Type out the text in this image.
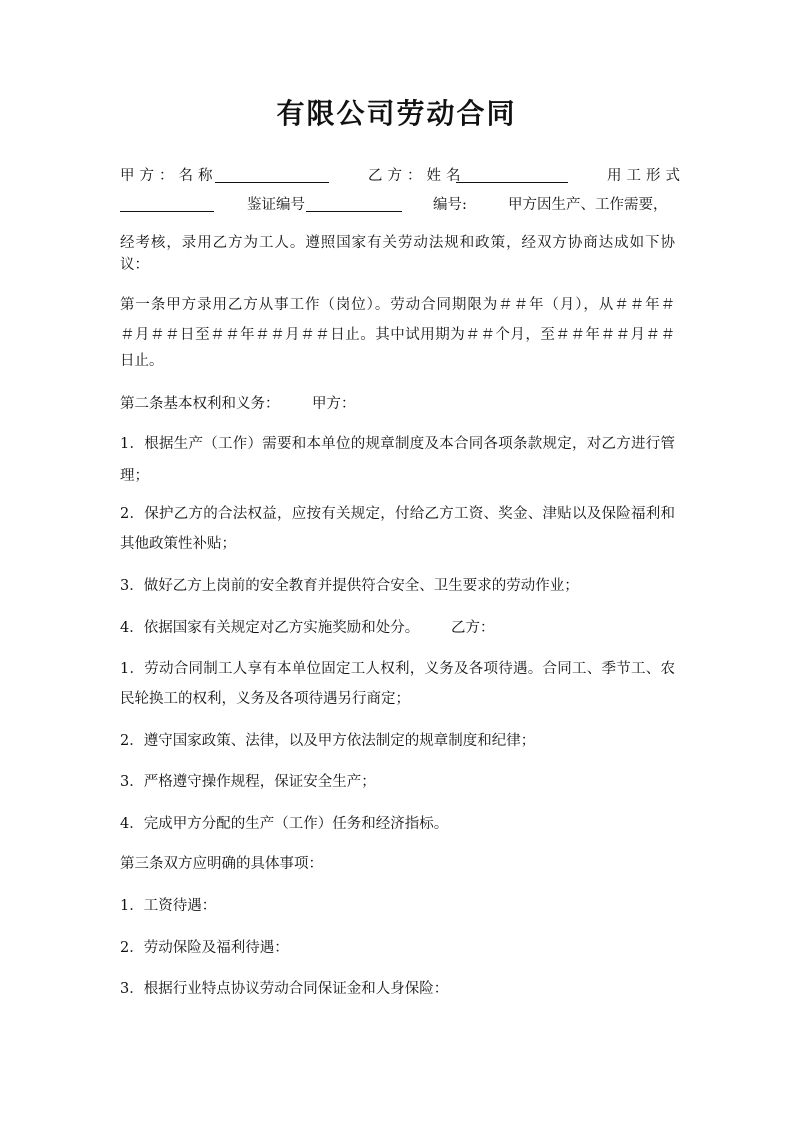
有限公司劳动合同
甲方：名称	乙方：姓名	用工形式
鉴证编号	编号:	甲方因生产、工作需要，
经考核，录用乙方为工人。遵照国家有关劳动法规和政策，经双方协商达成如下协
议：
第一条甲方录用乙方从事工作（岗位）。劳动合同期限为＃＃年（月），从＃＃年＃
＃月＃＃日至＃＃年＃＃月＃＃日止。其中试用期为＃＃个月，至＃＃年＃＃月＃＃
日止。
第二条基本权利和义务： 甲方：
1．根据生产（工作）需要和本单位的规章制度及本合同各项条款规定，对乙方进行管
理；
2．保护乙方的合法权益，应按有关规定，付给乙方工资、奖金、津贴以及保险福利和
其他政策性补贴；
3．做好乙方上岗前的安全教育并提供符合安全、卫生要求的劳动作业；
4．依据国家有关规定对乙方实施奖励和处分。 乙方：
1．劳动合同制工人享有本单位固定工人权利，义务及各项待遇。合同工、季节工、农
民轮换工的权利，义务及各项待遇另行商定；
2．遵守国家政策、法律，以及甲方依法制定的规章制度和纪律；
3．严格遵守操作规程，保证安全生产；
4．完成甲方分配的生产（工作）任务和经济指标。
第三条双方应明确的具体事项：
1．工资待遇：
2．劳动保险及福利待遇：
3．根据行业特点协议劳动合同保证金和人身保险：
